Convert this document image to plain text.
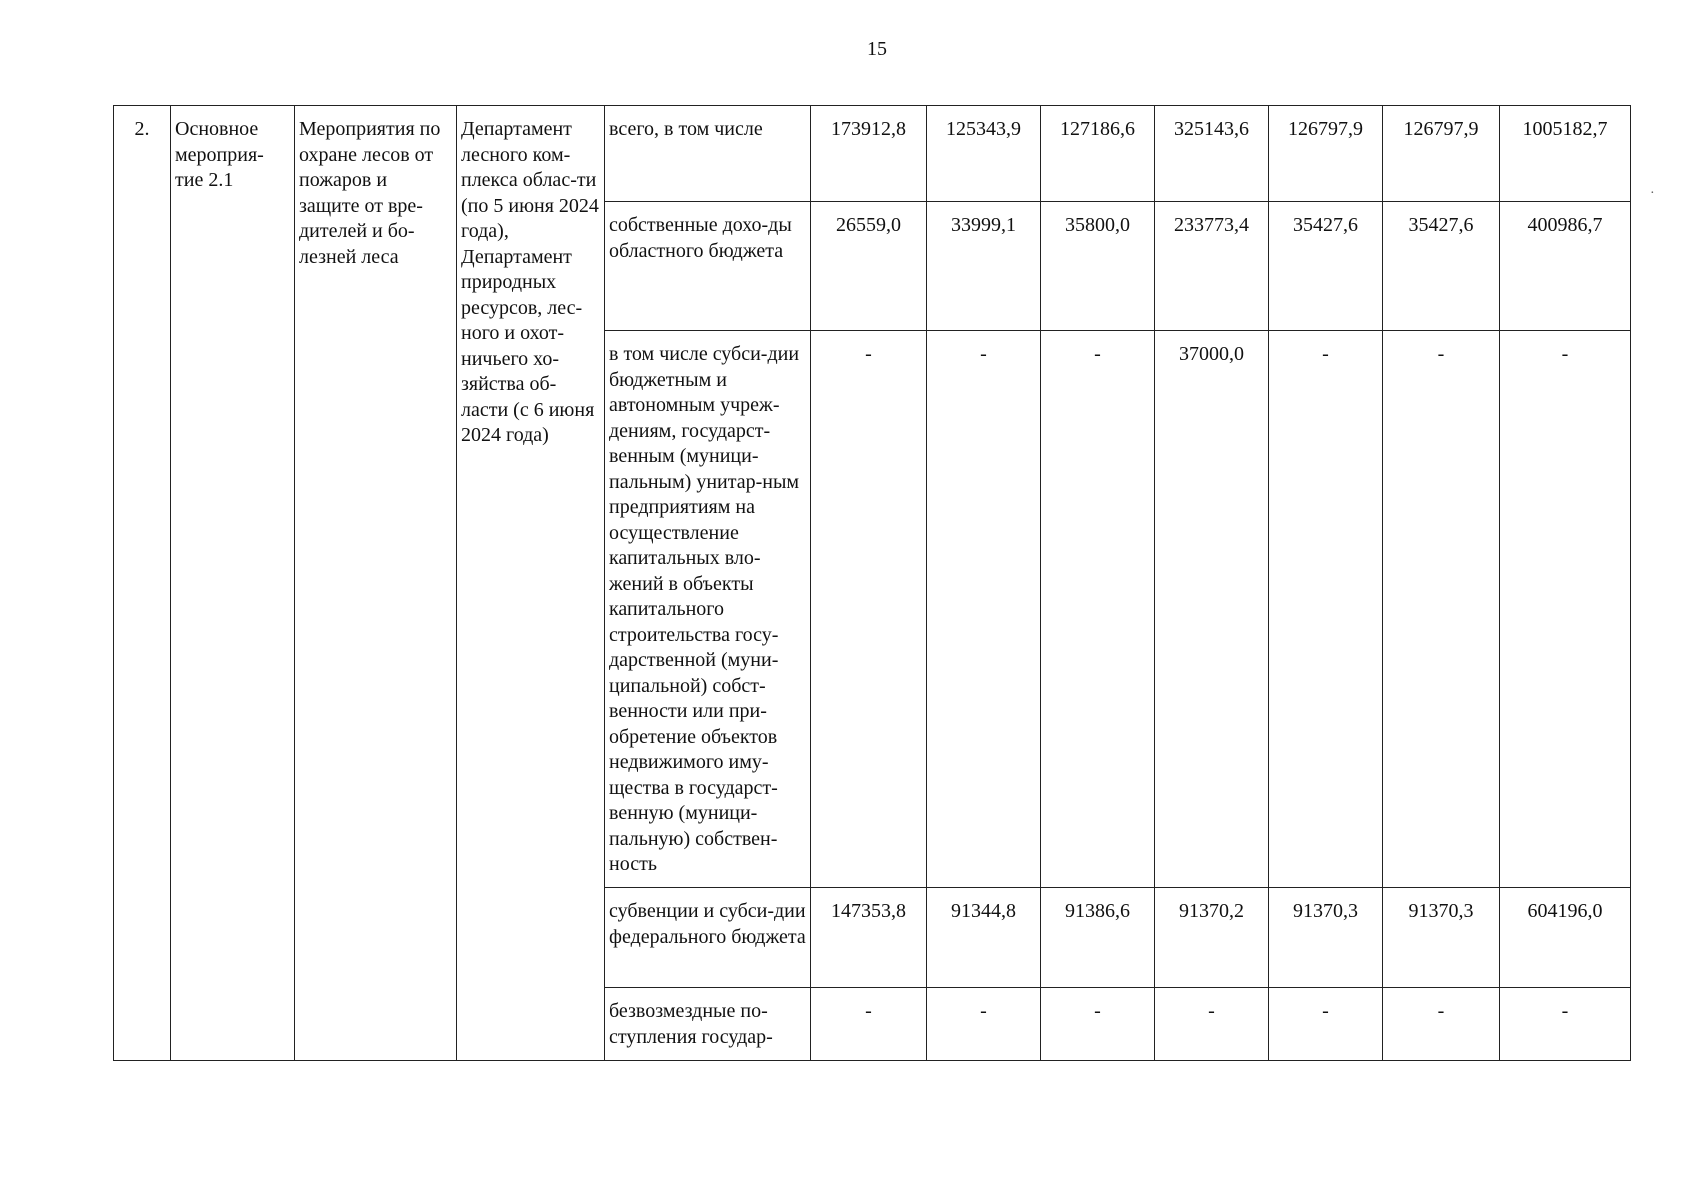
15
2.	Основное мероприя-тие 2.1	Мероприятия по охране лесов от пожаров и защите от вре-дителей и бо-лезней леса	Департамент лесного ком-плекса облас-ти (по 5 июня 2024 года), Департамент природных ресурсов, лес-ного и охот-ничьего хо-зяйства об-ласти (с 6 июня 2024 года)	всего, в том числе	173912,8	125343,9	127186,6	325143,6	126797,9	126797,9	1005182,7
				собственные дохо-ды областного бюджета	26559,0	33999,1	35800,0	233773,4	35427,6	35427,6	400986,7
				в том числе субси-дии бюджетным и автономным учреж-дениям, государст-венным (муници-пальным) унитар-ным предприятиям на осуществление капитальных вло-жений в объекты капитального строительства госу-дарственной (муни-ципальной) собст-венности или при-обретение объектов недвижимого иму-щества в государст-венную (муници-пальную) собствен-ность	-	-	-	37000,0	-	-	-
				субвенции и субси-дии федерального бюджета	147353,8	91344,8	91386,6	91370,2	91370,3	91370,3	604196,0
				безвозмездные по-ступления государ-	-	-	-	-	-	-	-
·
